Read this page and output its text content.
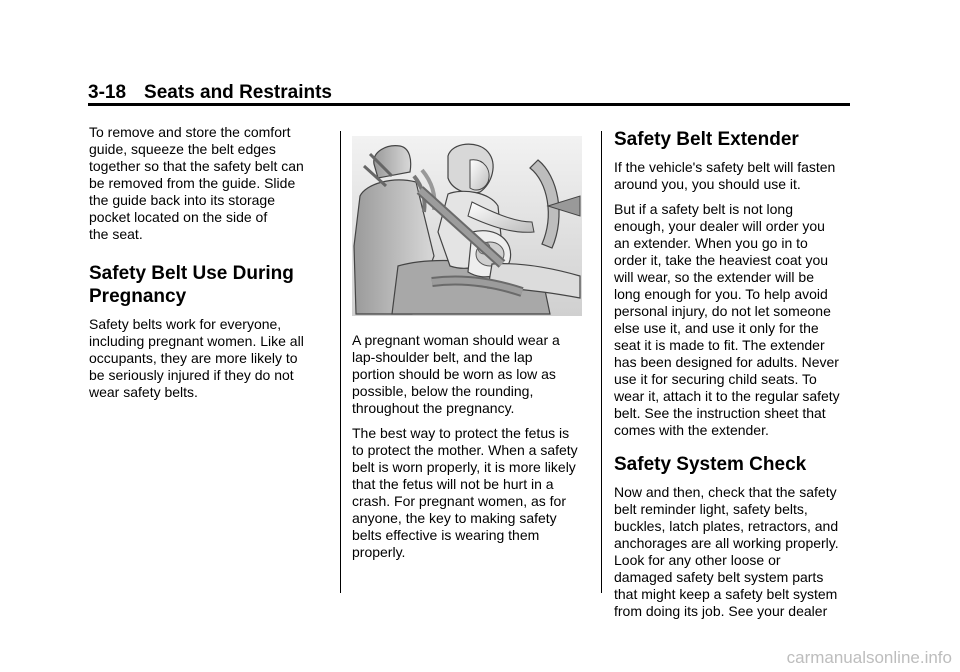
3-18 Seats and Restraints

To remove and store the comfort
guide, squeeze the belt edges
together so that the safety belt can
be removed from the guide. Slide
the guide back into its storage
pocket located on the side of
the seat.

Safety Belt Use During
Pregnancy

Safety belts work for everyone,
including pregnant women. Like all
occupants, they are more likely to
be seriously injured if they do not
wear safety belts.

A pregnant woman should wear a
lap-shoulder belt, and the lap
portion should be worn as low as
possible, below the rounding,
throughout the pregnancy.

The best way to protect the fetus is
to protect the mother. When a safety
belt is worn properly, it is more likely
that the fetus will not be hurt in a
crash. For pregnant women, as for
anyone, the key to making safety
belts effective is wearing them
properly.

Safety Belt Extender

If the vehicle's safety belt will fasten
around you, you should use it.

But if a safety belt is not long
enough, your dealer will order you
an extender. When you go in to
order it, take the heaviest coat you
will wear, so the extender will be
long enough for you. To help avoid
personal injury, do not let someone
else use it, and use it only for the
seat it is made to fit. The extender
has been designed for adults. Never
use it for securing child seats. To
wear it, attach it to the regular safety
belt. See the instruction sheet that
comes with the extender.

Safety System Check

Now and then, check that the safety
belt reminder light, safety belts,
buckles, latch plates, retractors, and
anchorages are all working properly.
Look for any other loose or
damaged safety belt system parts
that might keep a safety belt system
from doing its job. See your dealer

carmanualsonline.info
